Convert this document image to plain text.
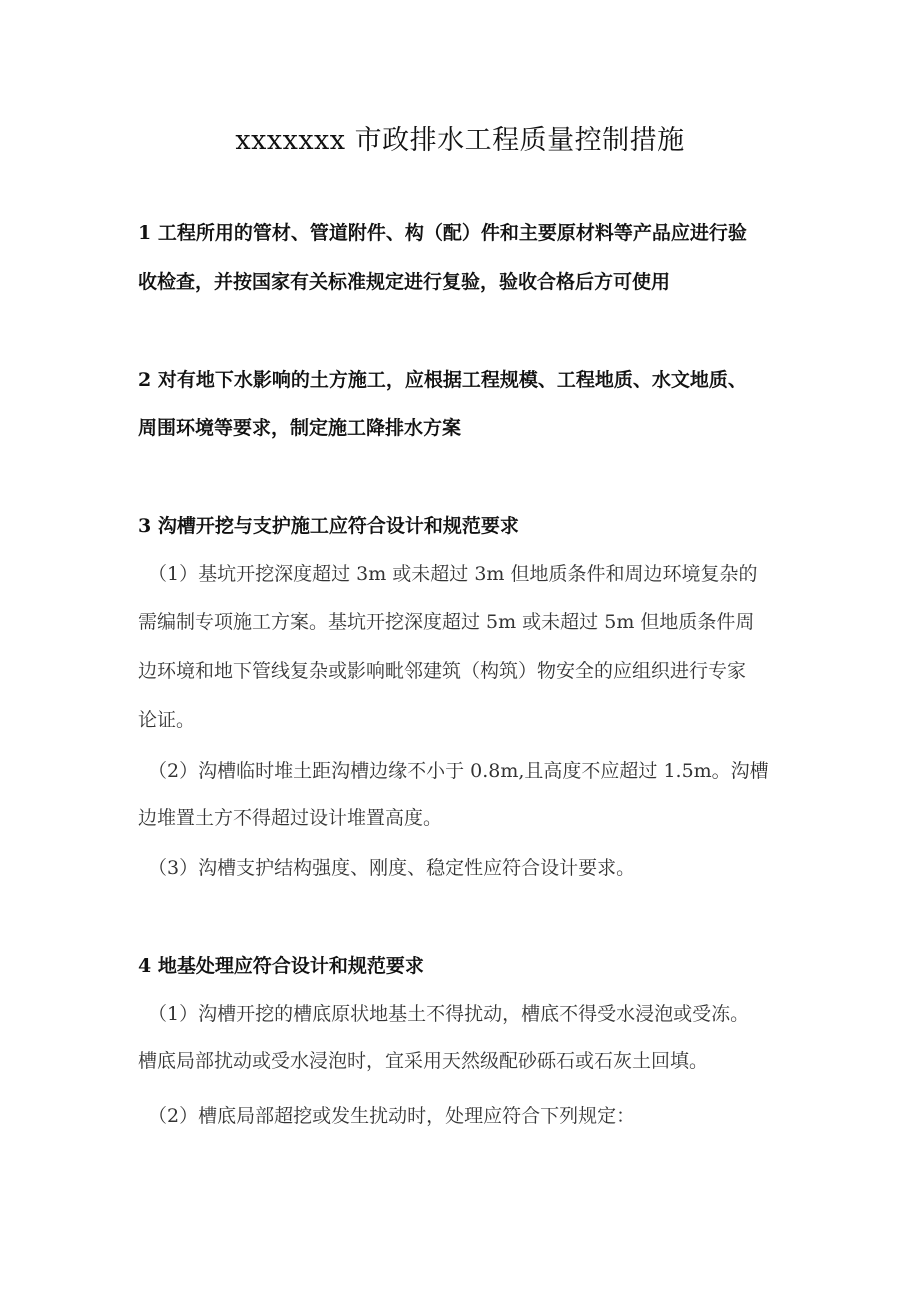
xxxxxxx 市政排水工程质量控制措施
1 工程所用的管材、管道附件、构（配）件和主要原材料等产品应进行验
收检查，并按国家有关标准规定进行复验，验收合格后方可使用
2 对有地下水影响的土方施工，应根据工程规模、工程地质、水文地质、
周围环境等要求，制定施工降排水方案
3 沟槽开挖与支护施工应符合设计和规范要求
（1）基坑开挖深度超过 3m 或未超过 3m 但地质条件和周边环境复杂的
需编制专项施工方案。基坑开挖深度超过 5m 或未超过 5m 但地质条件周
边环境和地下管线复杂或影响毗邻建筑（构筑）物安全的应组织进行专家
论证。
（2）沟槽临时堆土距沟槽边缘不小于 0.8m,且高度不应超过 1.5m。沟槽
边堆置土方不得超过设计堆置高度。
（3）沟槽支护结构强度、刚度、稳定性应符合设计要求。
4 地基处理应符合设计和规范要求
（1）沟槽开挖的槽底原状地基土不得扰动，槽底不得受水浸泡或受冻。
槽底局部扰动或受水浸泡时，宜采用天然级配砂砾石或石灰土回填。
（2）槽底局部超挖或发生扰动时，处理应符合下列规定：
